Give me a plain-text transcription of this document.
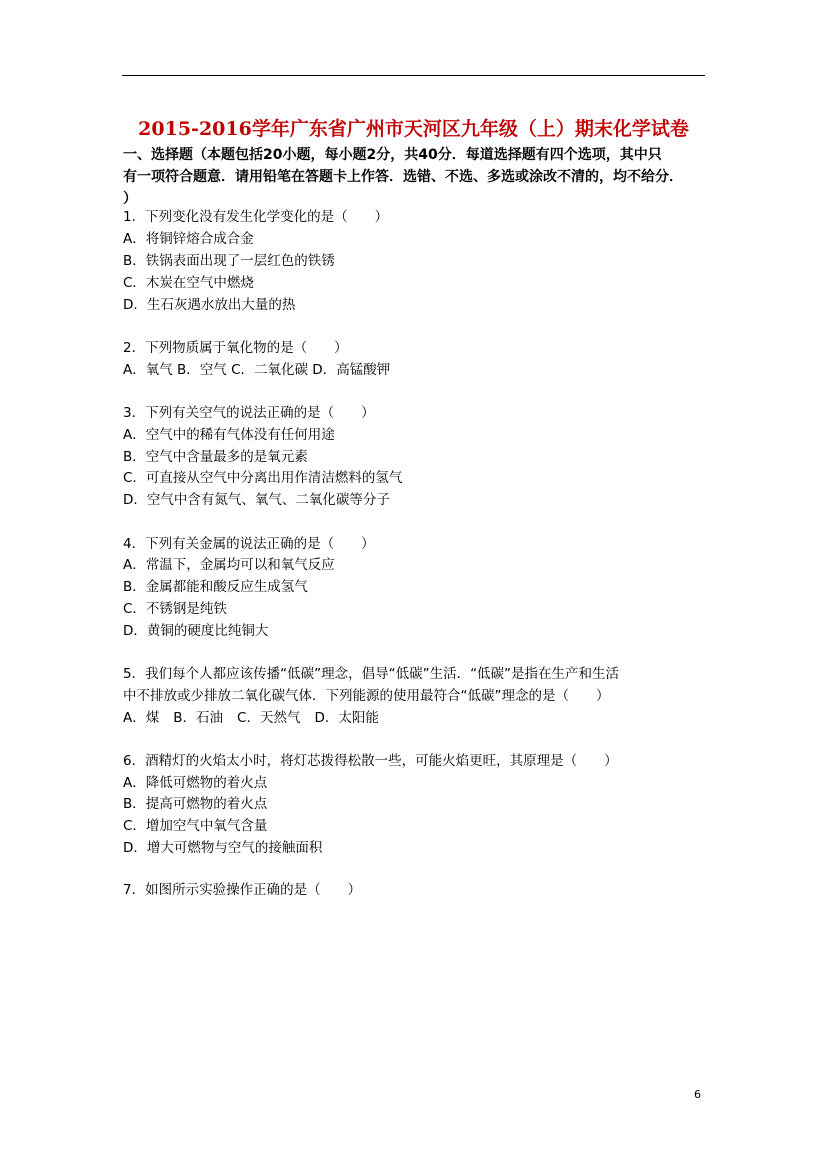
2015-2016学年广东省广州市天河区九年级（上）期末化学试卷
一、选择题（本题包括20小题，每小题2分，共40分．每道选择题有四个选项，其中只
有一项符合题意．请用铅笔在答题卡上作答．选错、不选、多选或涂改不清的，均不给分．
）
1．下列变化没有发生化学变化的是（　　）
A．将铜锌熔合成合金
B．铁锅表面出现了一层红色的铁锈
C．木炭在空气中燃烧
D．生石灰遇水放出大量的热
2．下列物质属于氧化物的是（　　）
A．氧气 B．空气 C．二氧化碳 D．高锰酸钾
3．下列有关空气的说法正确的是（　　）
A．空气中的稀有气体没有任何用途
B．空气中含量最多的是氧元素
C．可直接从空气中分离出用作清洁燃料的氢气
D．空气中含有氮气、氧气、二氧化碳等分子
4．下列有关金属的说法正确的是（　　）
A．常温下，金属均可以和氧气反应
B．金属都能和酸反应生成氢气
C．不锈钢是纯铁
D．黄铜的硬度比纯铜大
5．我们每个人都应该传播“低碳”理念，倡导“低碳”生活．“低碳”是指在生产和生活
中不排放或少排放二氧化碳气体．下列能源的使用最符合“低碳”理念的是（　　）
A．煤 B．石油 C．天然气 D．太阳能
6．酒精灯的火焰太小时，将灯芯拨得松散一些，可能火焰更旺，其原理是（　　）
A．降低可燃物的着火点
B．提高可燃物的着火点
C．增加空气中氧气含量
D．增大可燃物与空气的接触面积
7．如图所示实验操作正确的是（　　）
6
